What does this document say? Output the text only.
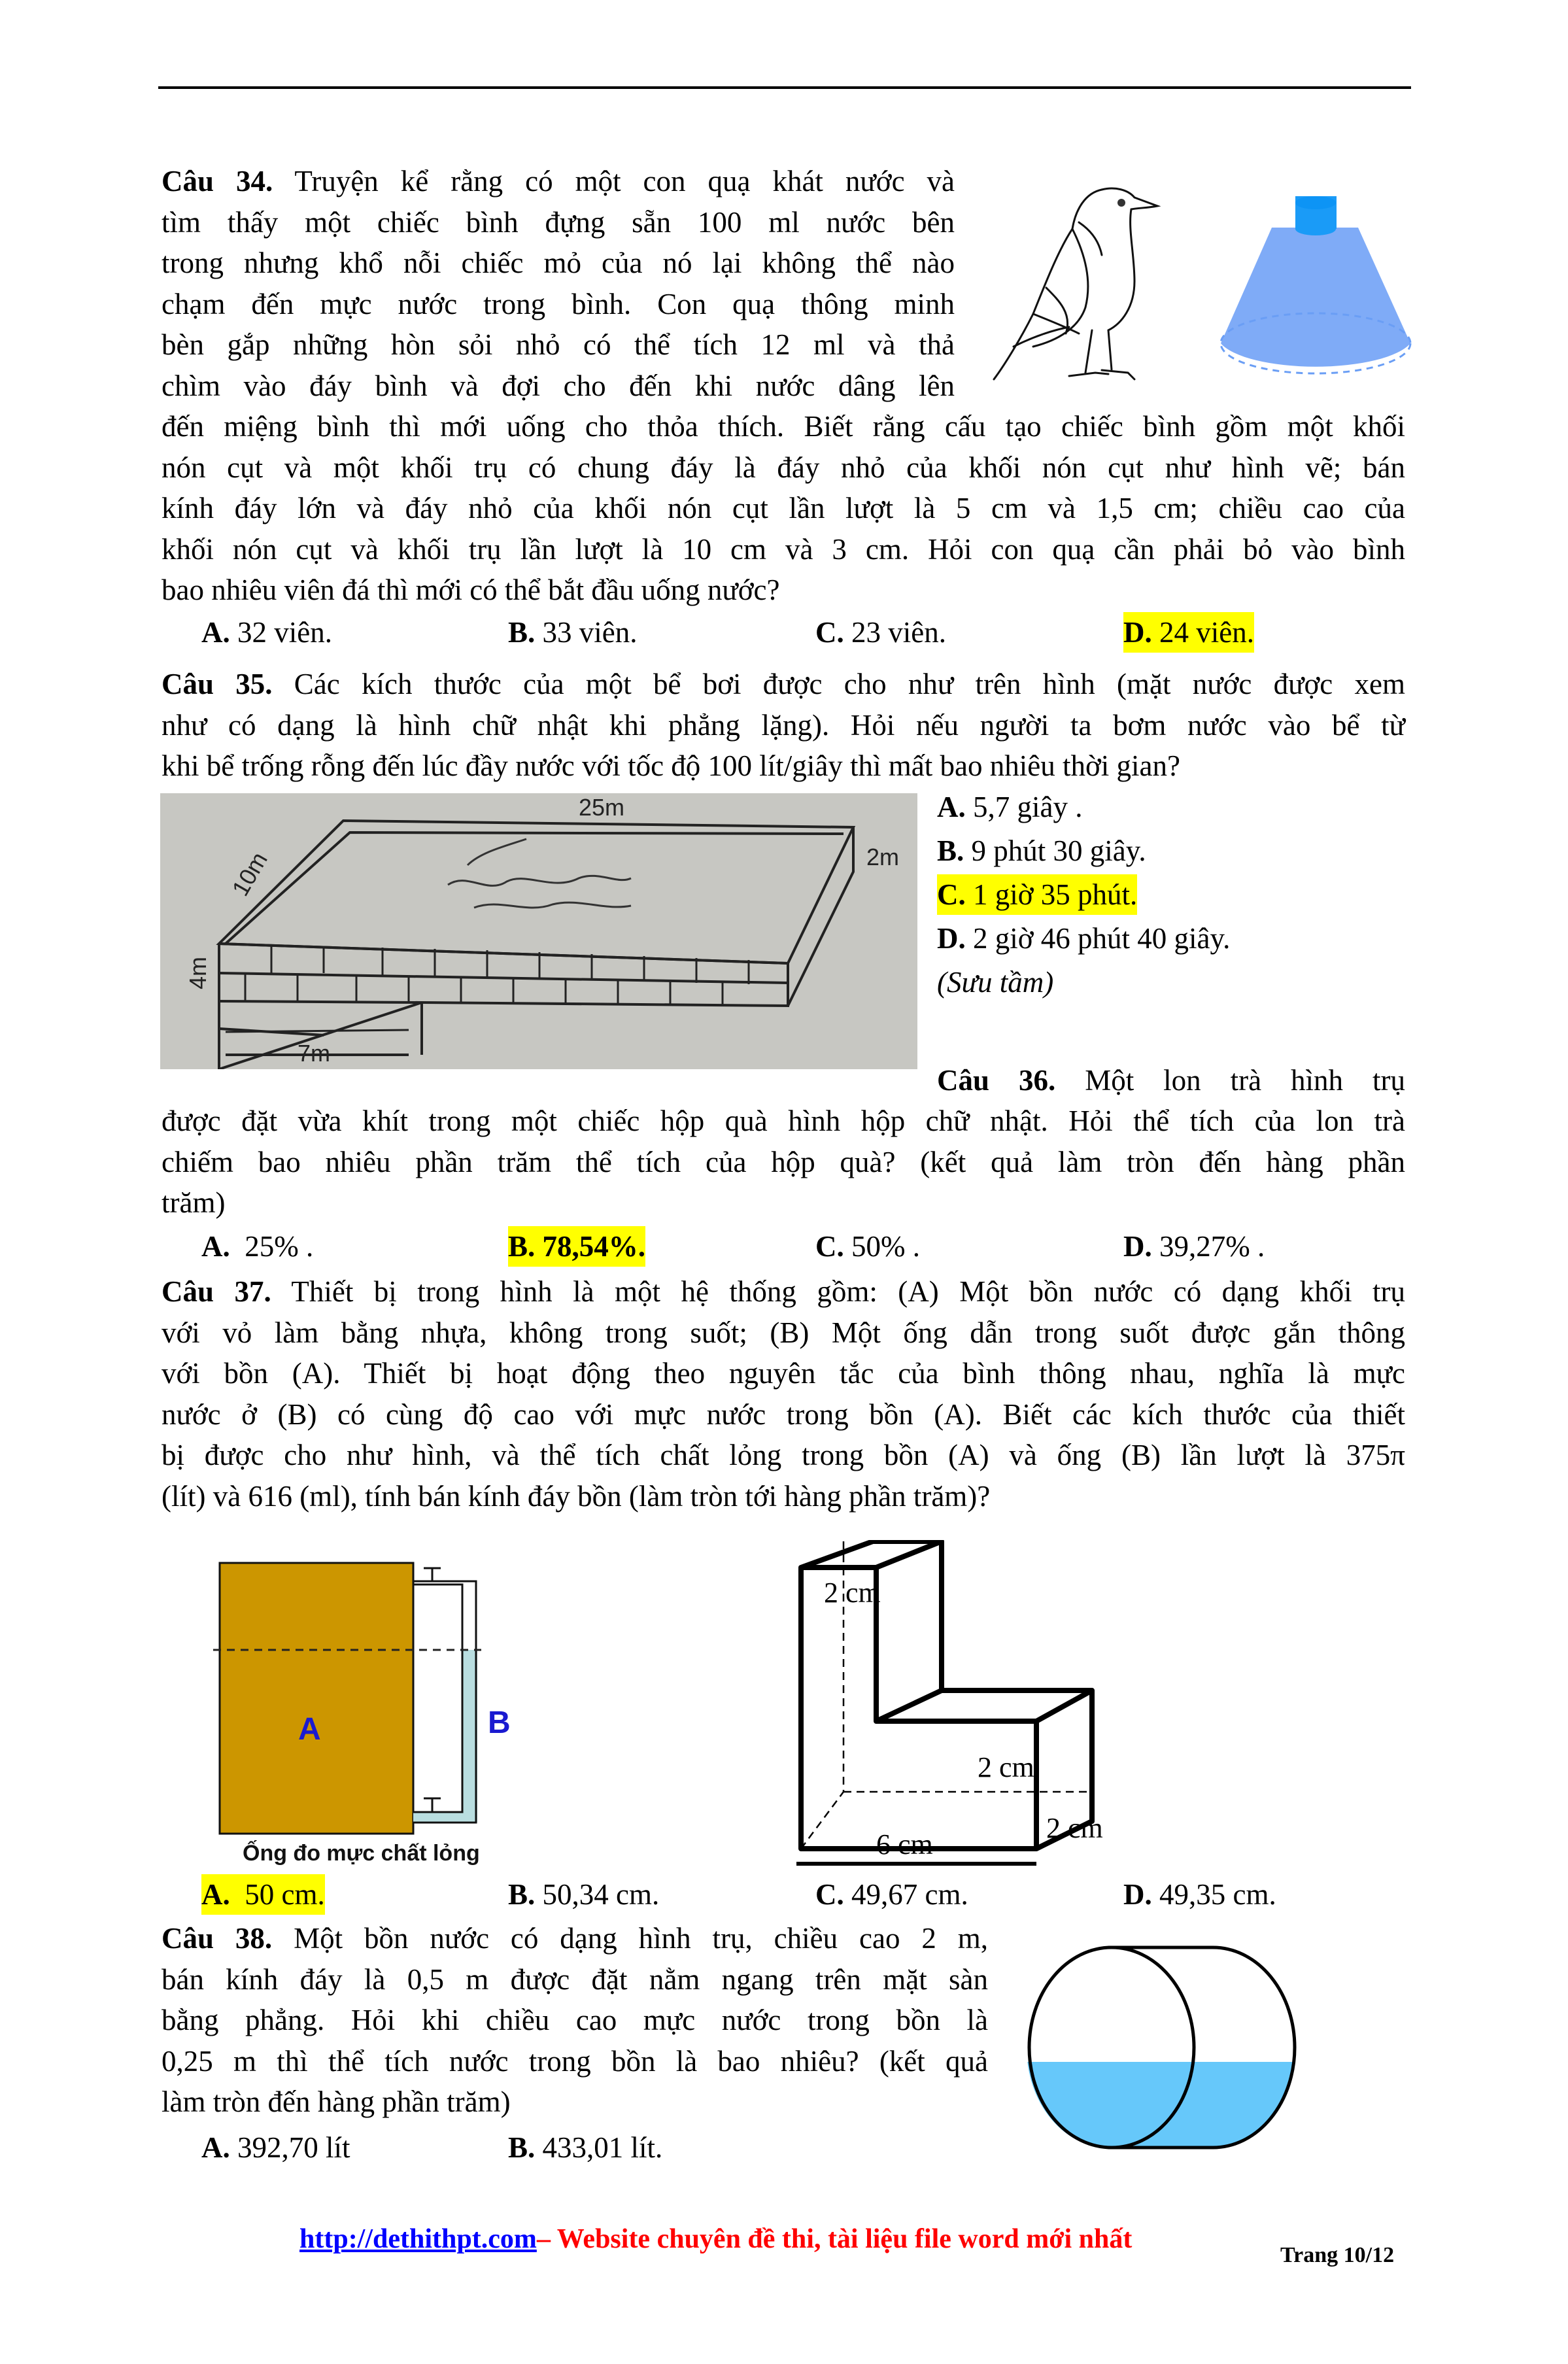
Câu 34. Truyện kể rằng có một con quạ khát nước và
tìm thấy một chiếc bình đựng sẵn 100 ml nước bên
trong nhưng khổ nỗi chiếc mỏ của nó lại không thể nào
chạm đến mực nước trong bình. Con quạ thông minh
bèn gắp những hòn sỏi nhỏ có thể tích 12 ml và thả
chìm vào đáy bình và đợi cho đến khi nước dâng lên
đến miệng bình thì mới uống cho thỏa thích. Biết rằng cấu tạo chiếc bình gồm một khối
nón cụt và một khối trụ có chung đáy là đáy nhỏ của khối nón cụt như hình vẽ; bán
kính đáy lớn và đáy nhỏ của khối nón cụt lần lượt là 5 cm và 1,5 cm; chiều cao của
khối nón cụt và khối trụ lần lượt là 10 cm và 3 cm. Hỏi con quạ cần phải bỏ vào bình
bao nhiêu viên đá thì mới có thể bắt đầu uống nước?
A. 32 viên.	B. 33 viên.	C. 23 viên.	D. 24 viên.
Câu 35. Các kích thước của một bể bơi được cho như trên hình (mặt nước được xem
như có dạng là hình chữ nhật khi phẳng lặng). Hỏi nếu người ta bơm nước vào bể từ
khi bể trống rỗng đến lúc đầy nước với tốc độ 100 lít/giây thì mất bao nhiêu thời gian?
25m
2m
10m
4m
7m
A. 5,7 giây .
B. 9 phút 30 giây.
C. 1 giờ 35 phút.
D. 2 giờ 46 phút 40 giây.
(Sưu tầm)
Câu 36. Một lon trà hình trụ
được đặt vừa khít trong một chiếc hộp quà hình hộp chữ nhật. Hỏi thể tích của lon trà
chiếm bao nhiêu phần trăm thể tích của hộp quà? (kết quả làm tròn đến hàng phần
trăm)
A.  25% .	B. 78,54%.	C. 50% .	D. 39,27% .
Câu 37. Thiết bị trong hình là một hệ thống gồm: (A) Một bồn nước có dạng khối trụ
với vỏ làm bằng nhựa, không trong suốt; (B) Một ống dẫn trong suốt được gắn thông
với bồn (A). Thiết bị hoạt động theo nguyên tắc của bình thông nhau, nghĩa là mực
nước ở (B) có cùng độ cao với mực nước trong bồn (A). Biết các kích thước của thiết
bị được cho như hình, và thể tích chất lỏng trong bồn (A) và ống (B) lần lượt là 375π
(lít) và 616 (ml), tính bán kính đáy bồn (làm tròn tới hàng phần trăm)?
A	B
Ống đo mực chất lỏng
2 cm
2 cm
2 cm
6 cm
A.  50 cm.	B. 50,34 cm.	C. 49,67 cm.	D. 49,35 cm.
Câu 38. Một bồn nước có dạng hình trụ, chiều cao 2 m,
bán kính đáy là 0,5 m được đặt nằm ngang trên mặt sàn
bằng phẳng. Hỏi khi chiều cao mực nước trong bồn là
0,25 m thì thể tích nước trong bồn là bao nhiêu? (kết quả
làm tròn đến hàng phần trăm)
A. 392,70 lít	B. 433,01 lít.
http://dethithpt.com – Website chuyên đề thi, tài liệu file word mới nhất
Trang 10/12
